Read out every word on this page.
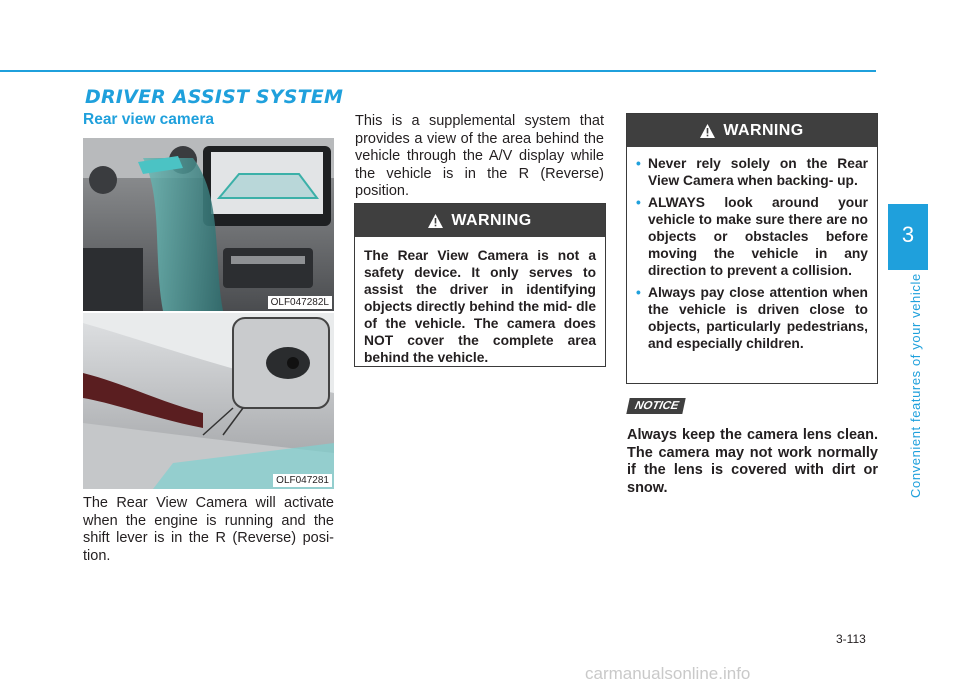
DRIVER ASSIST SYSTEM
Rear view camera
OLF047282L
OLF047281

The Rear View Camera will activate when the engine is running and the shift lever is in the R (Reverse) posi- tion.

This is a supplemental system that provides a view of the area behind the vehicle through the A/V display while the vehicle is in the R (Reverse) position.

WARNING

The Rear View Camera is not a safety device. It only serves to assist the driver in identifying objects directly behind the mid- dle of the vehicle. The camera does NOT cover the complete area behind the vehicle.

WARNING
• Never rely solely on the Rear View Camera when backing- up.
• ALWAYS look around your vehicle to make sure there are no objects or obstacles before moving the vehicle in any direction to prevent a collision.
• Always pay close attention when the vehicle is driven close to objects, particularly pedestrians, and especially children.
NOTICE

Always keep the camera lens clean. The camera may not work normally if the lens is covered with dirt or snow.

3
Convenient features of your vehicle
3-113
carmanualsonline.info
